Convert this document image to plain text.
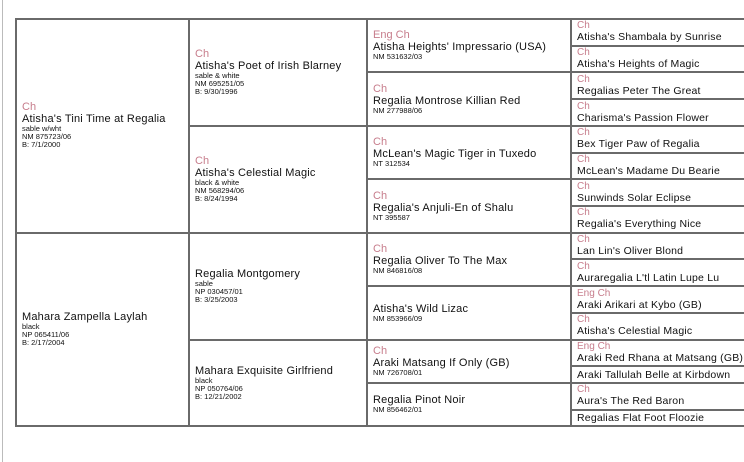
Ch
Atisha's Tini Time at Regalia
sable w/wht
NM 875723/06
B: 7/1/2000	Ch
Atisha's Poet of Irish Blarney
sable & white
NM 695251/05
B: 9/30/1996	Eng Ch
Atisha Heights' Impressario (USA)
NM 531632/03	Ch
Atisha's Shambala by Sunrise

			Ch
Atisha's Heights of Magic

		Ch
Regalia Montrose Killian Red
NM 277988/06	Ch
Regalias Peter The Great

			Ch
Charisma's Passion Flower

	Ch
Atisha's Celestial Magic
black & white
NM 568294/06
B: 8/24/1994	Ch
McLean's Magic Tiger in Tuxedo
NT 312534	Ch
Bex Tiger Paw of Regalia

			Ch
McLean's Madame Du Bearie

		Ch
Regalia's Anjuli-En of Shalu
NT 395587	Ch
Sunwinds Solar Eclipse

			Ch
Regalia's Everything Nice

Mahara Zampella Laylah
black
NP 065411/06
B: 2/17/2004	Regalia Montgomery
sable
NP 030457/01
B: 3/25/2003	Ch
Regalia Oliver To The Max
NM 846816/08	Ch
Lan Lin's Oliver Blond

			Ch
Auraregalia L'tl Latin Lupe Lu

		Atisha's Wild Lizac
NM 853966/09	Eng Ch
Araki Arikari at Kybo (GB)

			Ch
Atisha's Celestial Magic

	Mahara Exquisite Girlfriend
black
NP 050764/06
B: 12/21/2002	Ch
Araki Matsang If Only (GB)
NM 726708/01	Eng Ch
Araki Red Rhana at Matsang (GB)

			Araki Tallulah Belle at Kirbdown

		Regalia Pinot Noir
NM 856462/01	Ch
Aura's The Red Baron

			Regalias Flat Foot Floozie
